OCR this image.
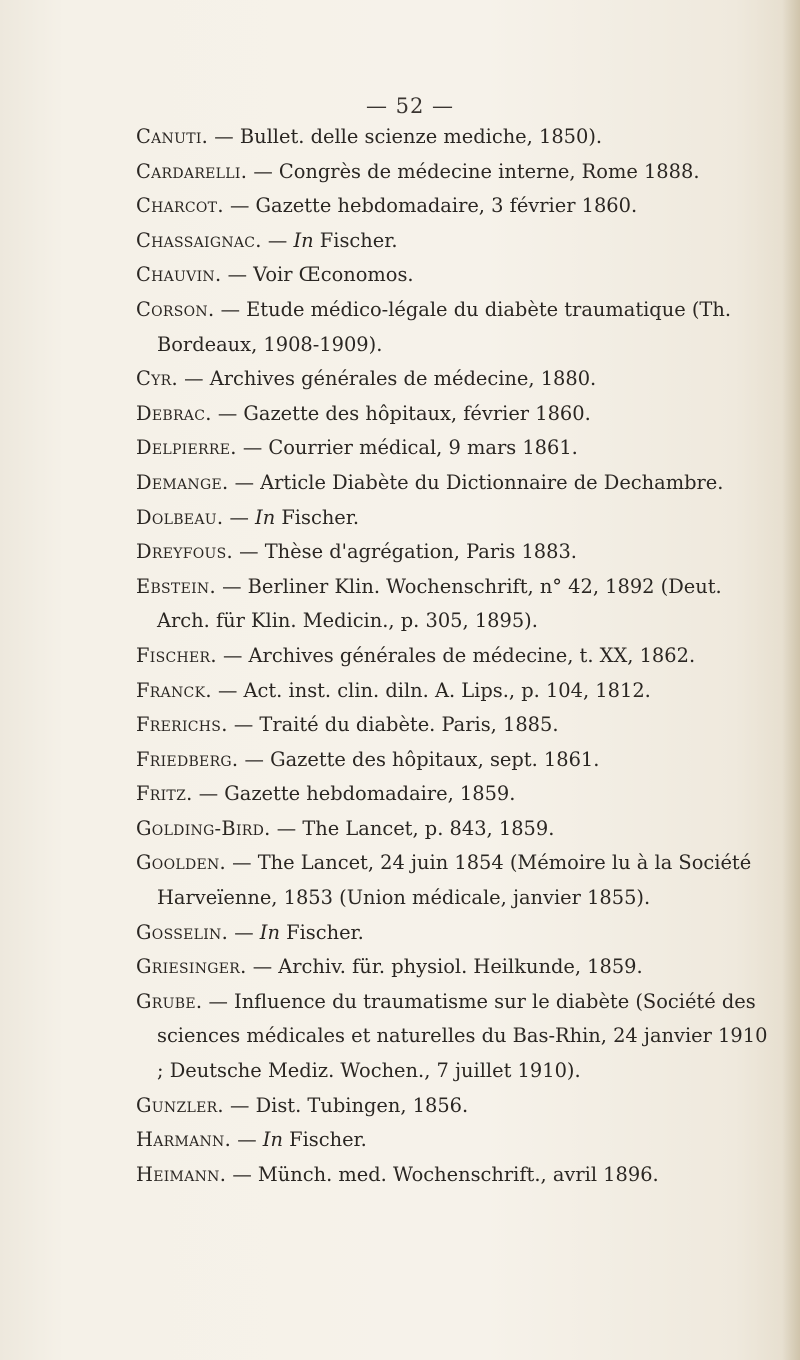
— 52 —
Canuti. — Bullet. delle scienze mediche, 1850).
Cardarelli. — Congrès de médecine interne, Rome 1888.
Charcot. — Gazette hebdomadaire, 3 février 1860.
Chassaignac. — In Fischer.
Chauvin. — Voir Œconomos.
Corson. — Etude médico-légale du diabète traumatique (Th. Bordeaux, 1908-1909).
Cyr. — Archives générales de médecine, 1880.
Debrac. — Gazette des hôpitaux, février 1860.
Delpierre. — Courrier médical, 9 mars 1861.
Demange. — Article Diabète du Dictionnaire de Dechambre.
Dolbeau. — In Fischer.
Dreyfous. — Thèse d'agrégation, Paris 1883.
Ebstein. — Berliner Klin. Wochenschrift, n° 42, 1892 (Deut. Arch. für Klin. Medicin., p. 305, 1895).
Fischer. — Archives générales de médecine, t. XX, 1862.
Franck. — Act. inst. clin. diln. A. Lips., p. 104, 1812.
Frerichs. — Traité du diabète. Paris, 1885.
Friedberg. — Gazette des hôpitaux, sept. 1861.
Fritz. — Gazette hebdomadaire, 1859.
Golding-Bird. — The Lancet, p. 843, 1859.
Goolden. — The Lancet, 24 juin 1854 (Mémoire lu à la Société Harveïenne, 1853 (Union médicale, janvier 1855).
Gosselin. — In Fischer.
Griesinger. — Archiv. für. physiol. Heilkunde, 1859.
Grube. — Influence du traumatisme sur le diabète (Société des sciences médicales et naturelles du Bas-Rhin, 24 janvier 1910 ; Deutsche Mediz. Wochen., 7 juillet 1910).
Gunzler. — Dist. Tubingen, 1856.
Harmann. — In Fischer.
Heimann. — Münch. med. Wochenschrift., avril 1896.
